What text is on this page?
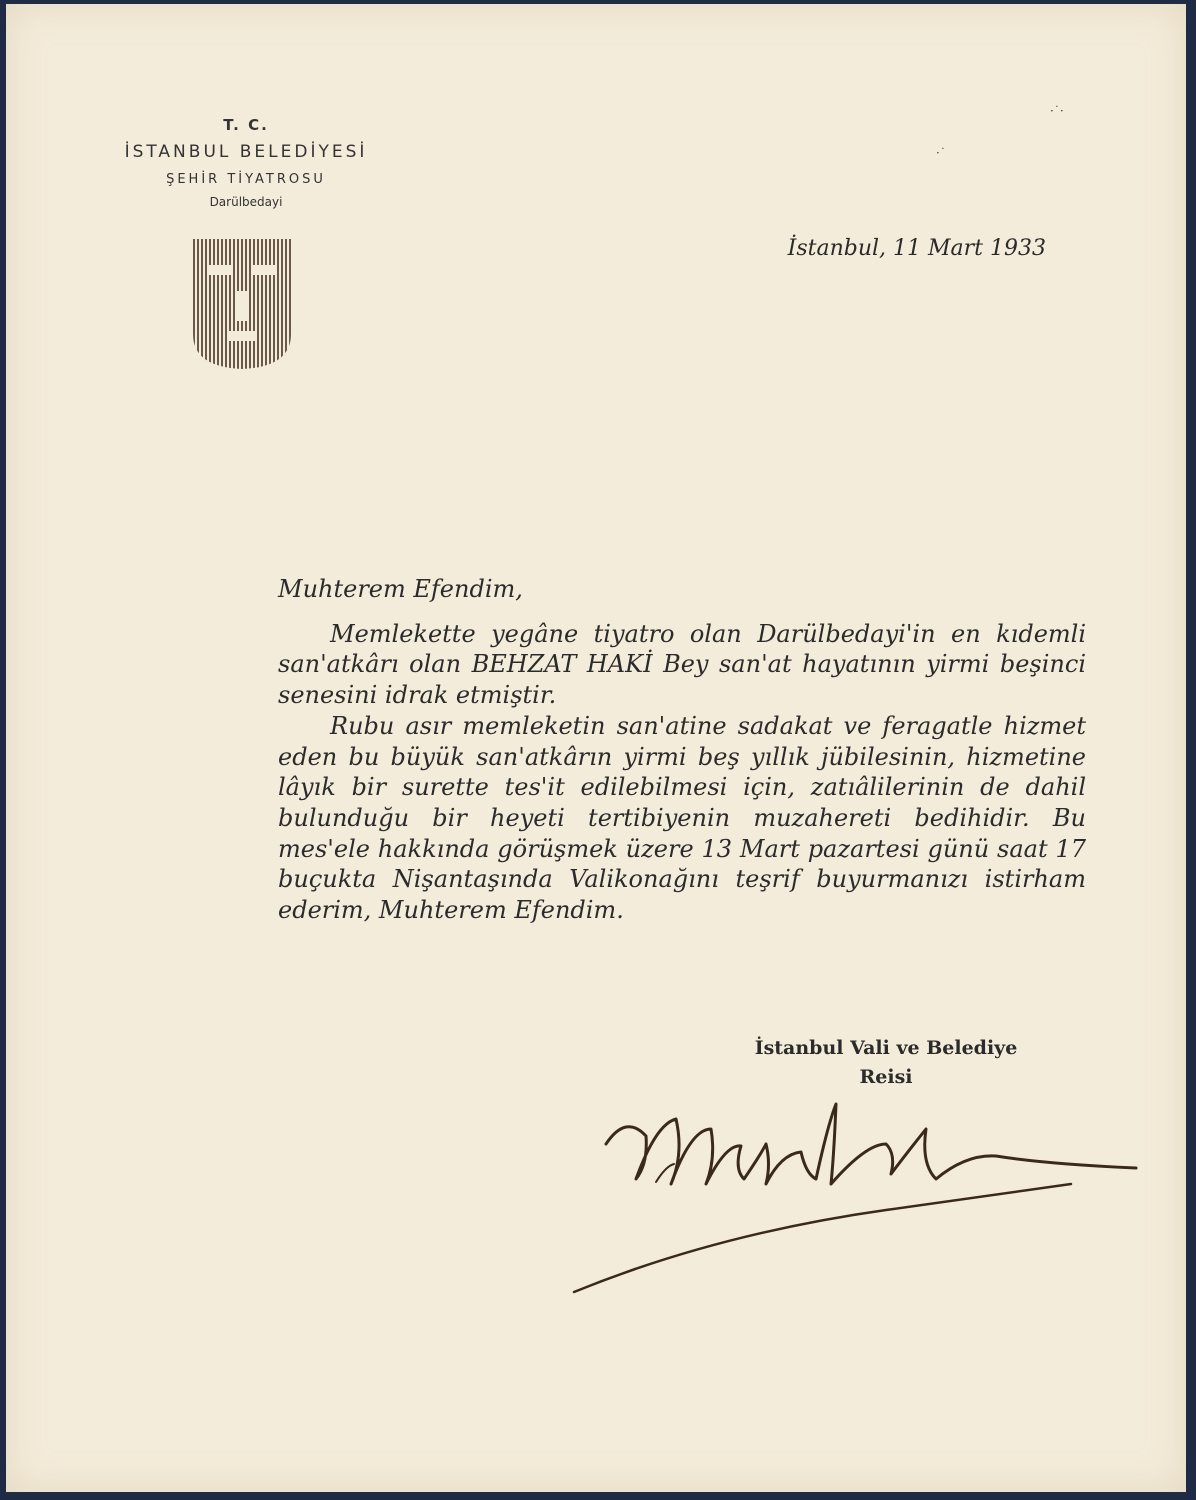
T. C.
İSTANBUL BELEDİYESİ
ŞEHİR TİYATROSU
Darülbedayi
İstanbul, 11 Mart 1933

Muhterem Efendim,

Memlekette yegâne tiyatro olan Darülbedayi'in en kıdemli san'atkârı olan BEHZAT HAKİ Bey san'at hayatının yirmi beşinci senesini idrak etmiştir.

Rubu asır memleketin san'atine sadakat ve feragatle hizmet eden bu büyük san'atkârın yirmi beş yıllık jübilesinin, hizmetine lâyık bir surette tes'it edilebilmesi için, zatıâlilerinin de dahil bulunduğu bir heyeti tertibiyenin muzahereti bedihidir. Bu mes'ele hakkında görüşmek üzere 13 Mart pazartesi günü saat 17 buçukta Nişantaşında Valikonağını teşrif buyurmanızı istirham ederim, Muhterem Efendim.

İstanbul Vali ve Belediye
Reisi
·˙·
·˙
